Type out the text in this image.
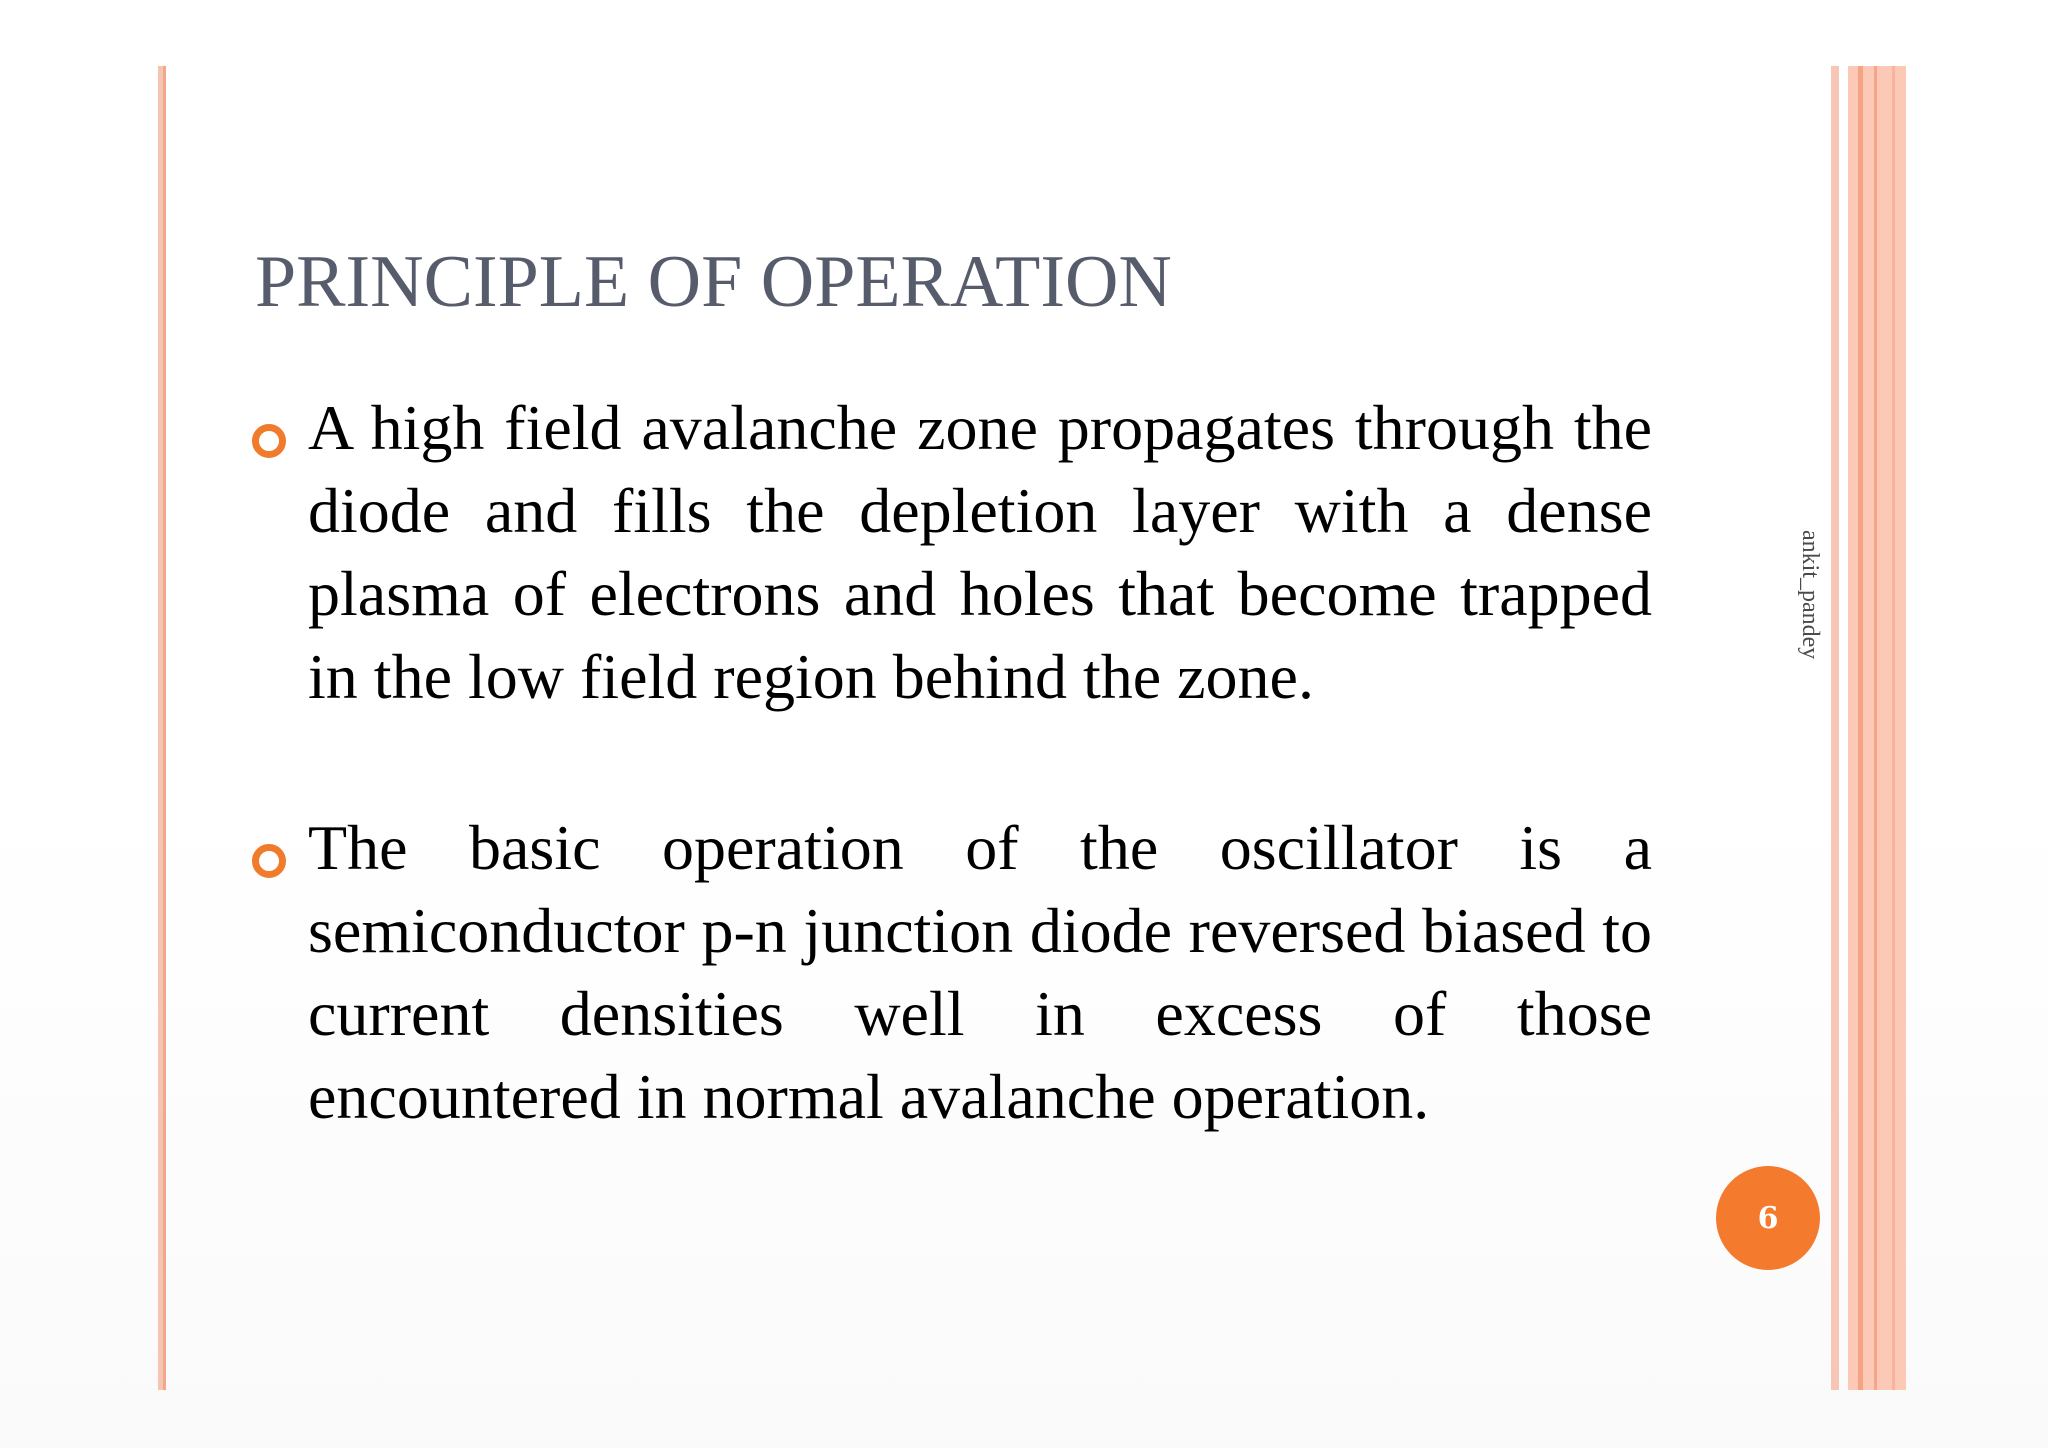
PRINCIPLE OF OPERATION

A high field avalanche zone propagates through the diode and fills the depletion layer with a dense plasma of electrons and holes that become trapped in the low field region behind the zone.

The basic operation of the oscillator is a semiconductor p-n junction diode reversed biased to current densities well in excess of those encountered in normal avalanche operation.

ankit_pandey
6
